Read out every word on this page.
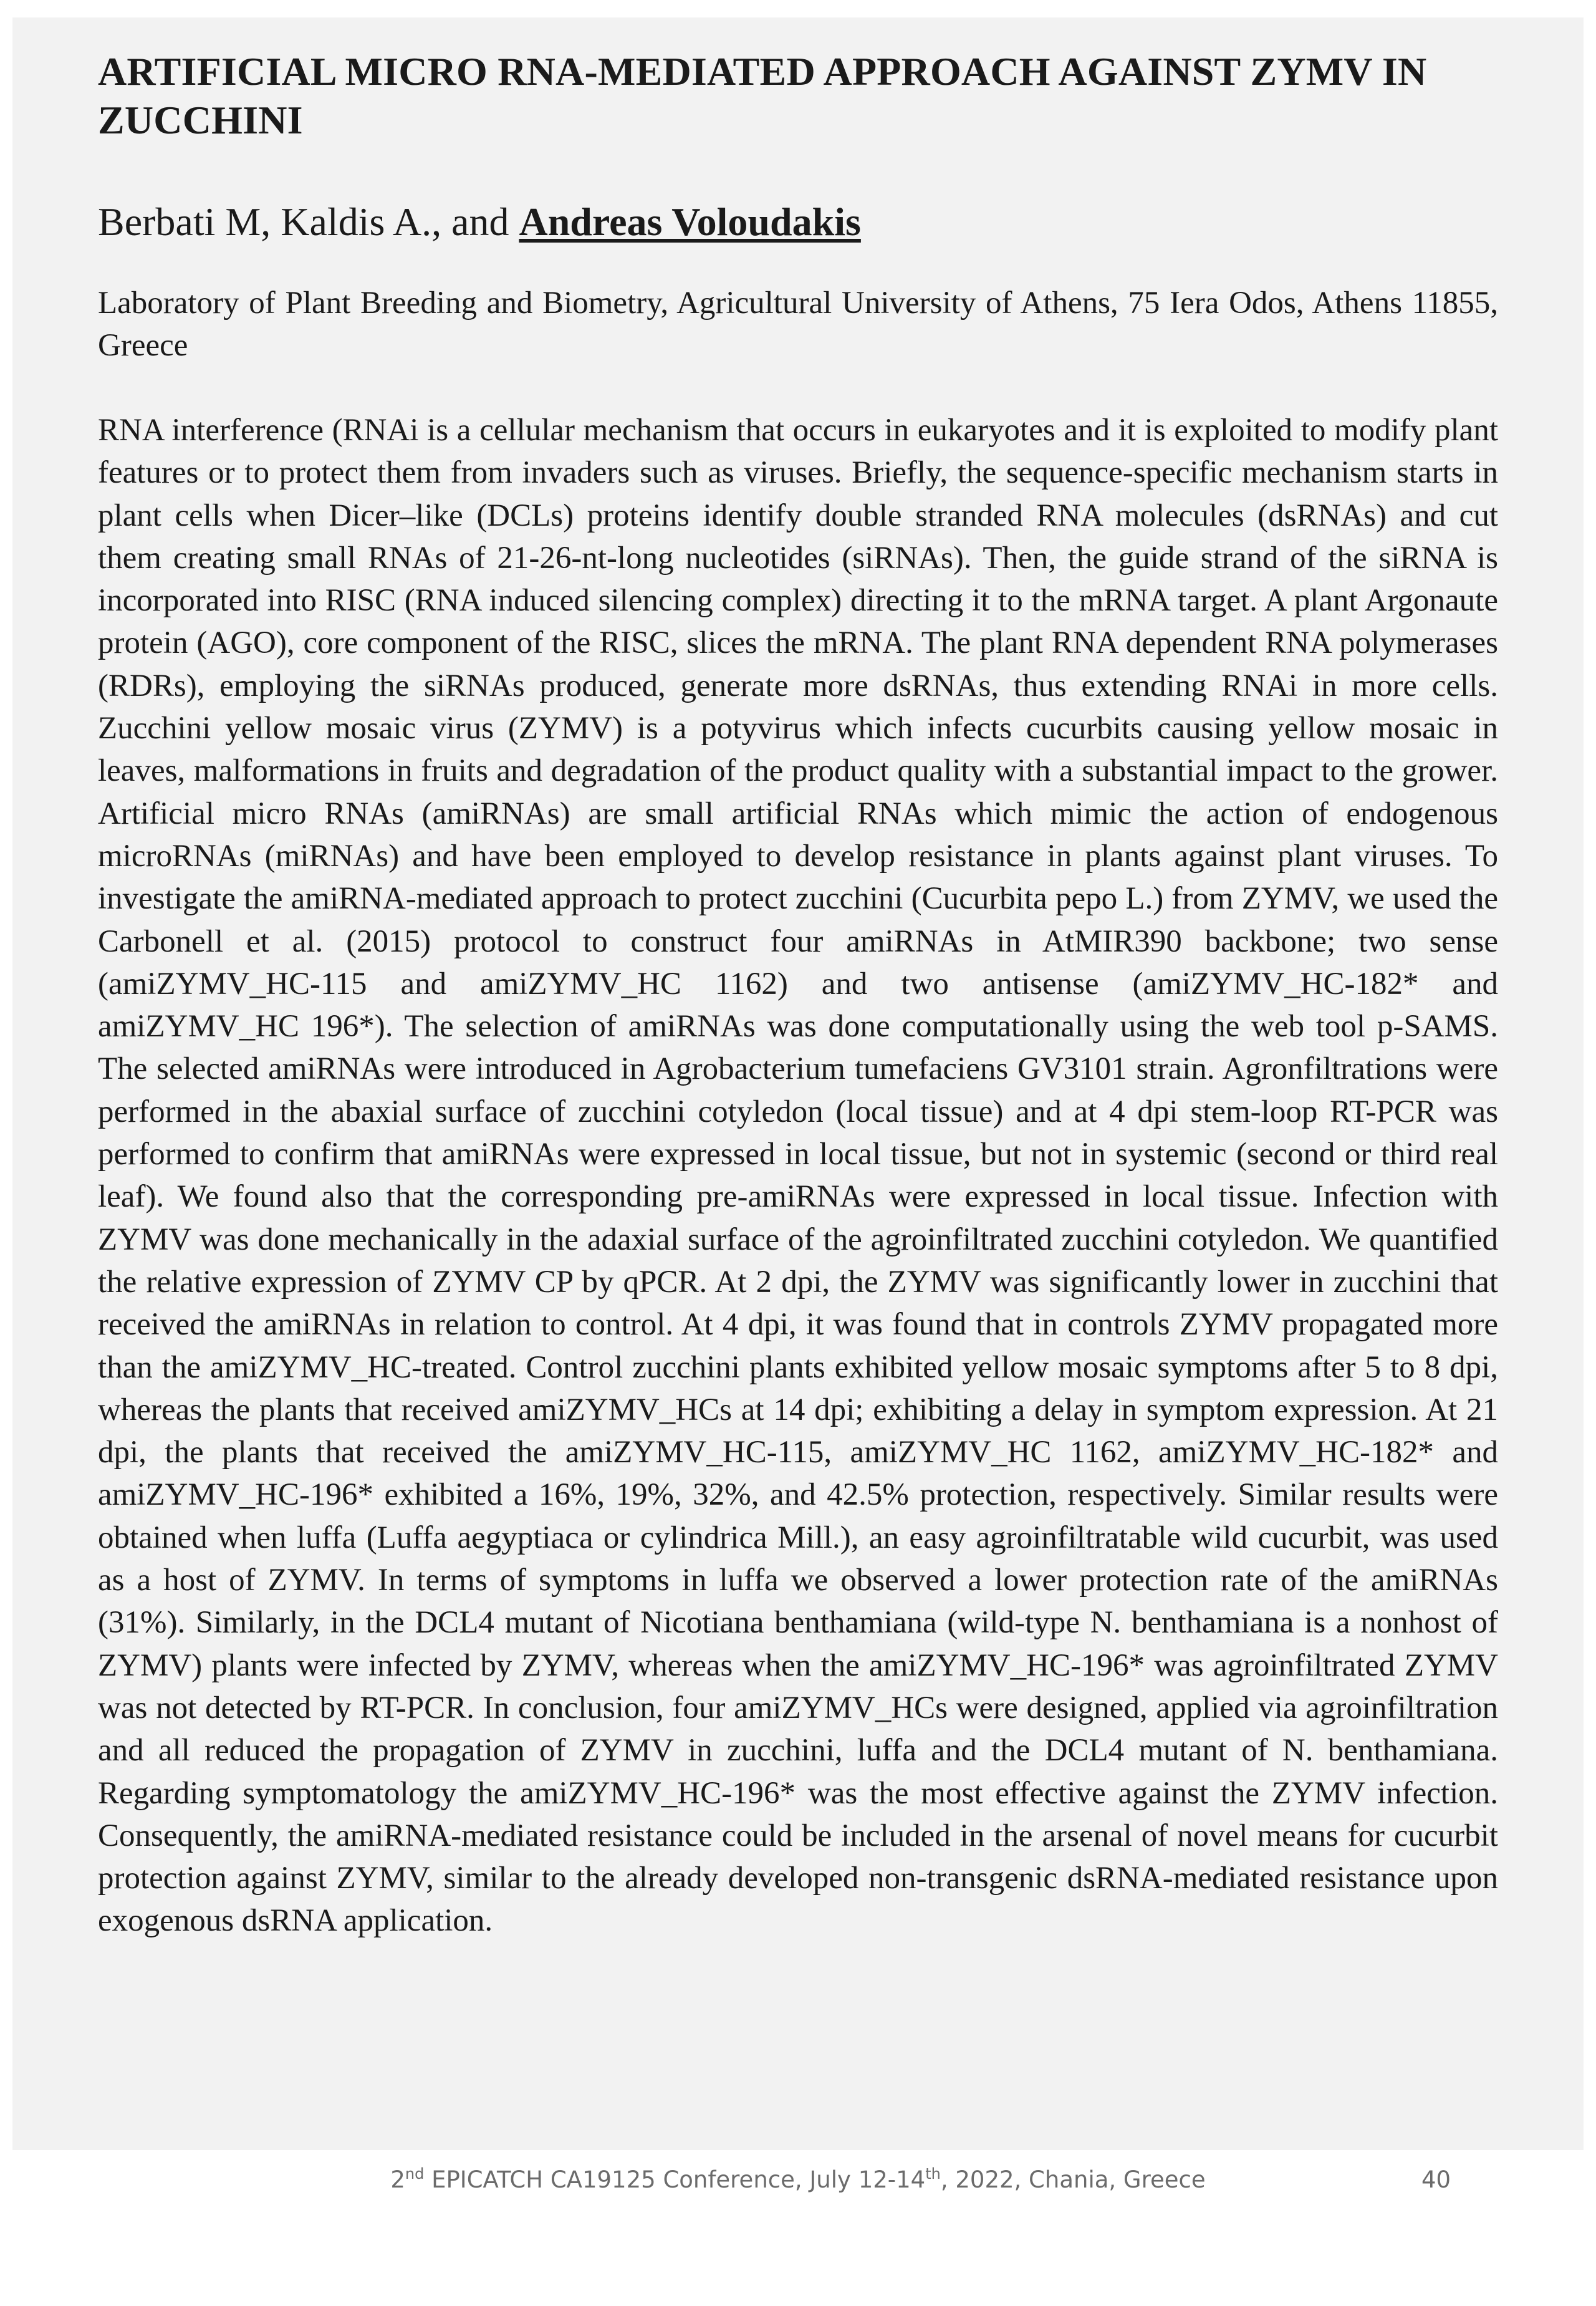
ARTIFICIAL MICRO RNA-MEDIATED APPROACH AGAINST ZYMV IN ZUCCHINI

Berbati M, Kaldis A., and Andreas Voloudakis

Laboratory of Plant Breeding and Biometry, Agricultural University of Athens, 75 Iera Odos, Athens 11855, Greece

RNA interference (RNAi is a cellular mechanism that occurs in eukaryotes and it is exploited to modify plant features or to protect them from invaders such as viruses. Briefly, the sequence-specific mechanism starts in plant cells when Dicer–like (DCLs) proteins identify double stranded RNA molecules (dsRNAs) and cut them creating small RNAs of 21-26-nt-long nucleotides (siRNAs). Then, the guide strand of the siRNA is incorporated into RISC (RNA induced silencing complex) directing it to the mRNA target. A plant Argonaute protein (AGO), core component of the RISC, slices the mRNA. The plant RNA dependent RNA polymerases (RDRs), employing the siRNAs produced, generate more dsRNAs, thus extending RNAi in more cells. Zucchini yellow mosaic virus (ZYMV) is a potyvirus which infects cucurbits causing yellow mosaic in leaves, malformations in fruits and degradation of the product quality with a substantial impact to the grower. Artificial micro RNAs (amiRNAs) are small artificial RNAs which mimic the action of endogenous microRNAs (miRNAs) and have been employed to develop resistance in plants against plant viruses. To investigate the amiRNA-mediated approach to protect zucchini (Cucurbita pepo L.) from ZYMV, we used the Carbonell et al. (2015) protocol to construct four amiRNAs in AtMIR390 backbone; two sense (amiZYMV_HC-115 and amiZYMV_HC 1162) and two antisense (amiZYMV_HC-182* and amiZYMV_HC 196*). The selection of amiRNAs was done computationally using the web tool p-SAMS. The selected amiRNAs were introduced in Agrobacterium tumefaciens GV3101 strain. Agronfiltrations were performed in the abaxial surface of zucchini cotyledon (local tissue) and at 4 dpi stem-loop RT-PCR was performed to confirm that amiRNAs were expressed in local tissue, but not in systemic (second or third real leaf). We found also that the corresponding pre-amiRNAs were expressed in local tissue. Infection with ZYMV was done mechanically in the adaxial surface of the agroinfiltrated zucchini cotyledon. We quantified the relative expression of ZYMV CP by qPCR. At 2 dpi, the ZYMV was significantly lower in zucchini that received the amiRNAs in relation to control. At 4 dpi, it was found that in controls ZYMV propagated more than the amiZYMV_HC-treated. Control zucchini plants exhibited yellow mosaic symptoms after 5 to 8 dpi, whereas the plants that received amiZYMV_HCs at 14 dpi; exhibiting a delay in symptom expression. At 21 dpi, the plants that received the amiZYMV_HC-115, amiZYMV_HC 1162, amiZYMV_HC-182* and amiZYMV_HC-196* exhibited a 16%, 19%, 32%, and 42.5% protection, respectively. Similar results were obtained when luffa (Luffa aegyptiaca or cylindrica Mill.), an easy agroinfiltratable wild cucurbit, was used as a host of ZYMV. In terms of symptoms in luffa we observed a lower protection rate of the amiRNAs (31%). Similarly, in the DCL4 mutant of Nicotiana benthamiana (wild-type N. benthamiana is a nonhost of ZYMV) plants were infected by ZYMV, whereas when the amiZYMV_HC-196* was agroinfiltrated ZYMV was not detected by RT-PCR. In conclusion, four amiZYMV_HCs were designed, applied via agroinfiltration and all reduced the propagation of ZYMV in zucchini, luffa and the DCL4 mutant of N. benthamiana. Regarding symptomatology the amiZYMV_HC-196* was the most effective against the ZYMV infection. Consequently, the amiRNA-mediated resistance could be included in the arsenal of novel means for cucurbit protection against ZYMV, similar to the already developed non-transgenic dsRNA-mediated resistance upon exogenous dsRNA application.

2nd EPICATCH CA19125 Conference, July 12-14th, 2022, Chania, Greece	40
